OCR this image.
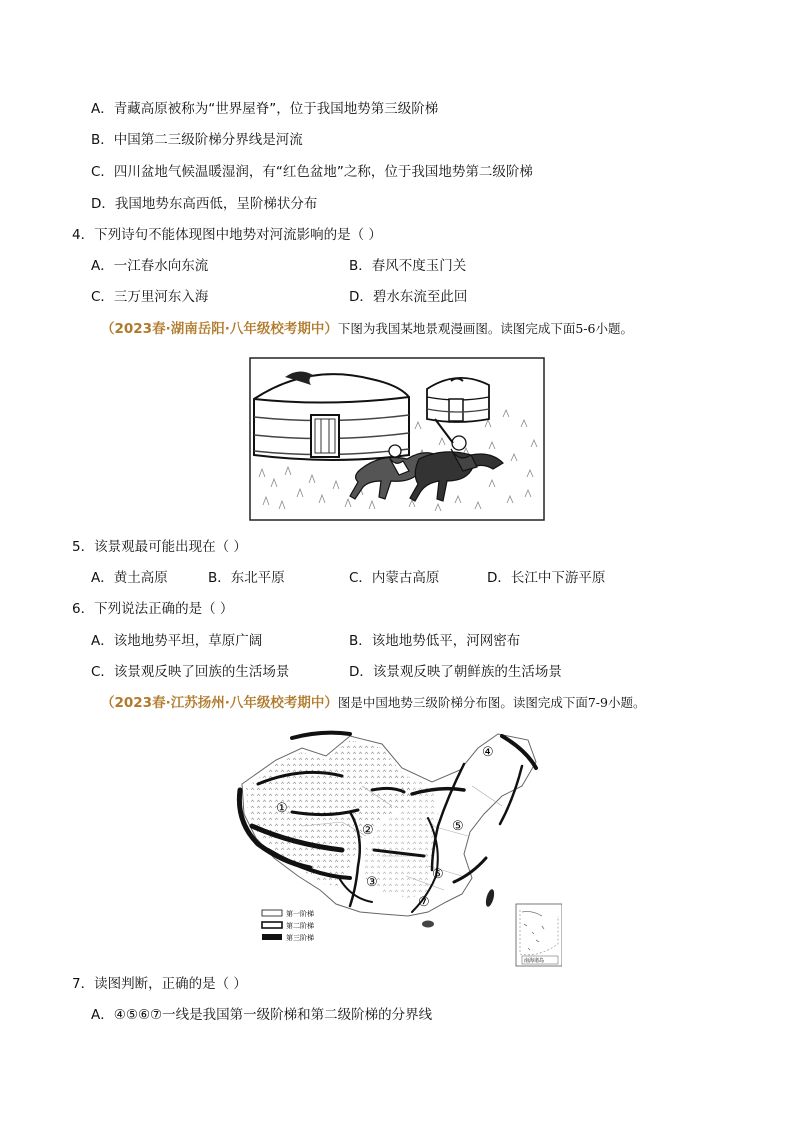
A．青藏高原被称为“世界屋脊”，位于我国地势第三级阶梯
B．中国第二三级阶梯分界线是河流
C．四川盆地气候温暖湿润，有“红色盆地”之称，位于我国地势第二级阶梯
D．我国地势东高西低，呈阶梯状分布
4．下列诗句不能体现图中地势对河流影响的是（ ）
A．一江春水向东流	B．春风不度玉门关
C．三万里河东入海	D．碧水东流至此回
（2023春·湖南岳阳·八年级校考期中）下图为我国某地景观漫画图。读图完成下面5-6小题。
5．该景观最可能出现在（ ）
A．黄土高原	B．东北平原	C．内蒙古高原	D．长江中下游平原
6．下列说法正确的是（ ）
A．该地地势平坦，草原广阔	B．该地地势低平，河网密布
C．该景观反映了回族的生活场景	D．该景观反映了朝鲜族的生活场景
（2023春·江苏扬州·八年级校考期中）图是中国地势三级阶梯分布图。读图完成下面7-9小题。
①
②
③
④
⑤
⑥
⑦
第一阶梯
第二阶梯
第三阶梯
南海诸岛
7．读图判断，正确的是（ ）
A．④⑤⑥⑦一线是我国第一级阶梯和第二级阶梯的分界线
